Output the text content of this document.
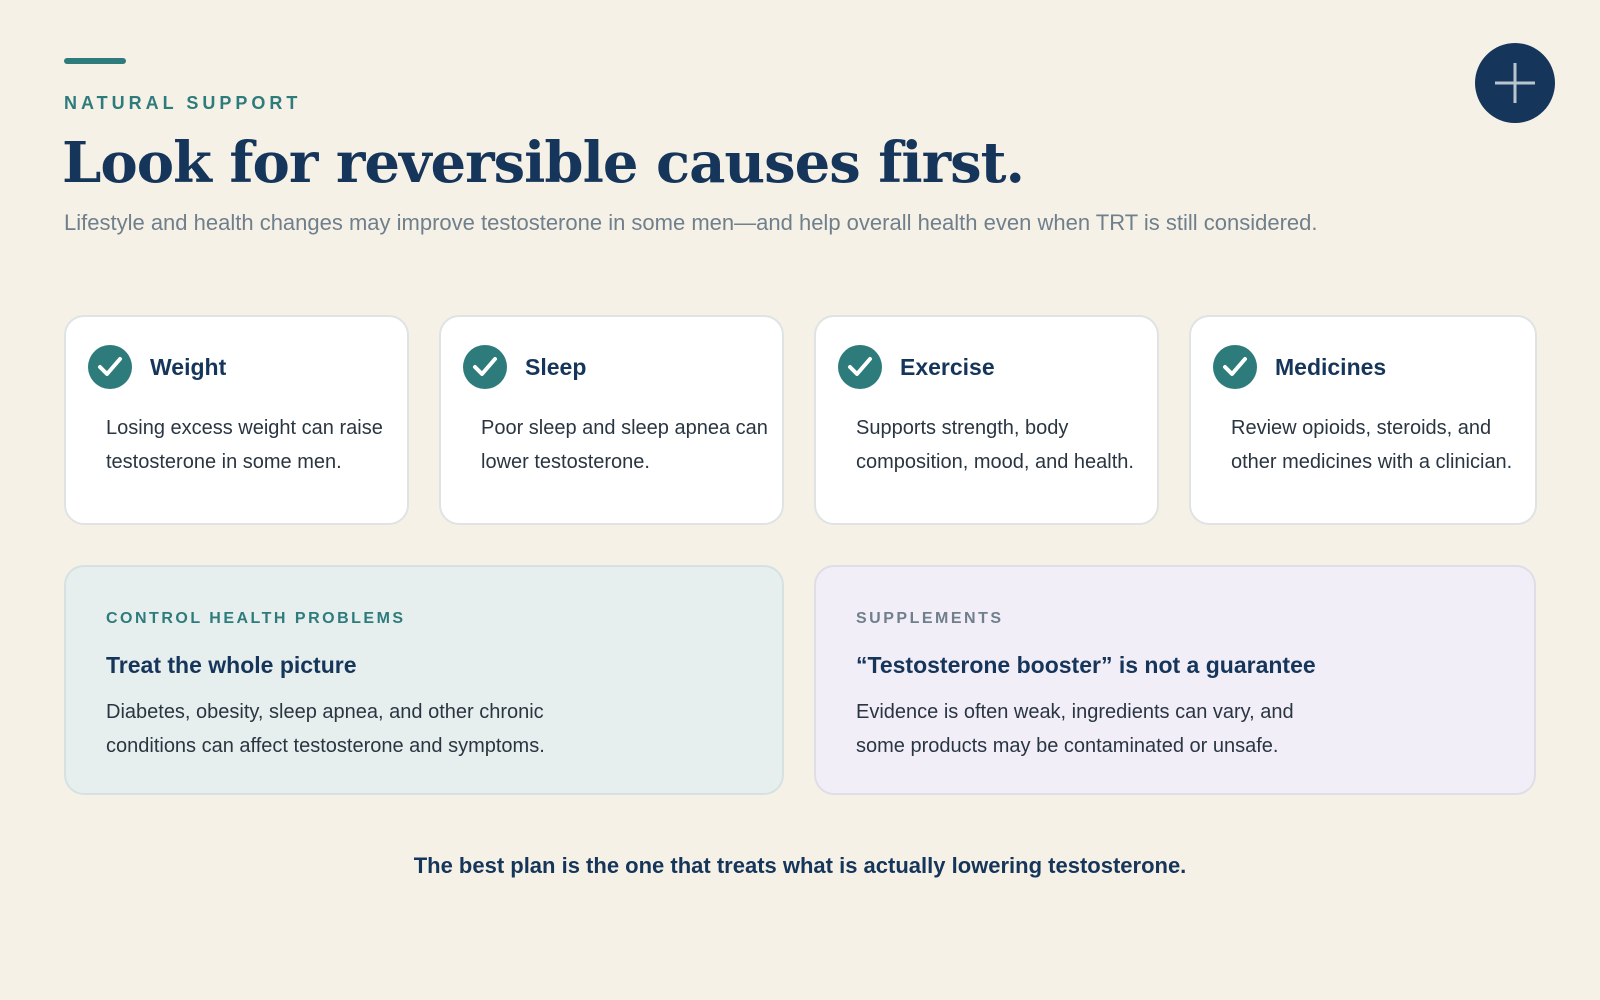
NATURAL SUPPORT
Look for reversible causes first.

Lifestyle and health changes may improve testosterone in some men—and help overall health even when TRT is still considered.

Weight

Losing excess weight can raise testosterone in some men.

Sleep

Poor sleep and sleep apnea can lower testosterone.

Exercise

Supports strength, body composition, mood, and health.

Medicines

Review opioids, steroids, and other medicines with a clinician.

CONTROL HEALTH PROBLEMS
Treat the whole picture

Diabetes, obesity, sleep apnea, and other chronic conditions can affect testosterone and symptoms.

SUPPLEMENTS
“Testosterone booster” is not a guarantee

Evidence is often weak, ingredients can vary, and some products may be contaminated or unsafe.

The best plan is the one that treats what is actually lowering testosterone.
